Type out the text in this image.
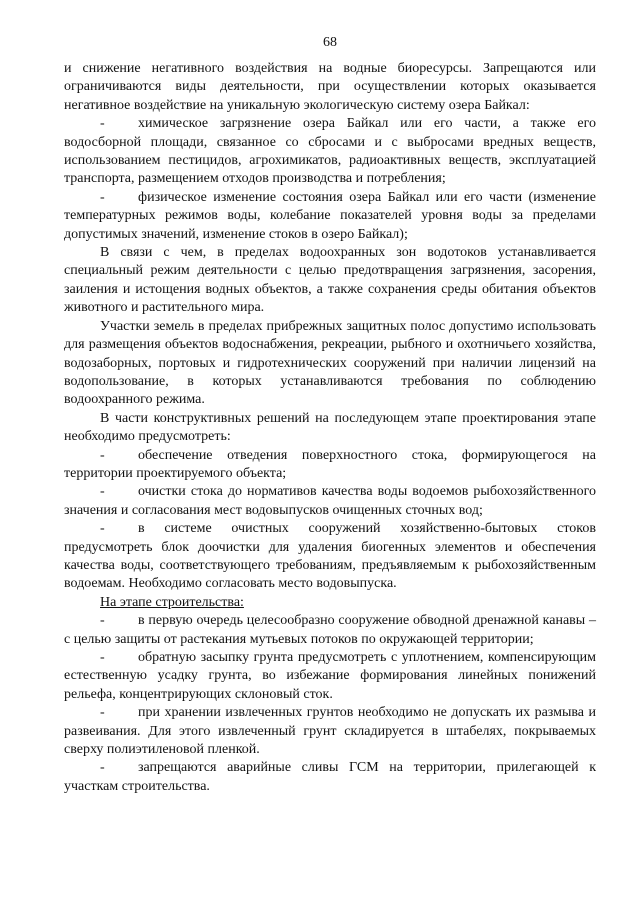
68

и снижение негативного воздействия на водные биоресурсы. Запрещаются или ограничиваются виды деятельности, при осуществлении которых оказывается негативное воздействие на уникальную экологическую систему озера Байкал:

- химическое загрязнение озера Байкал или его части, а также его водосборной площади, связанное со сбросами и с выбросами вредных веществ, использованием пестицидов, агрохимикатов, радиоактивных веществ, эксплуатацией транспорта, размещением отходов производства и потребления;

- физическое изменение состояния озера Байкал или его части (изменение температурных режимов воды, колебание показателей уровня воды за пределами допустимых значений, изменение стоков в озеро Байкал);

В связи с чем, в пределах водоохранных зон водотоков устанавливается специальный режим деятельности с целью предотвращения загрязнения, засорения, заиления и истощения водных объектов, а также сохранения среды обитания объектов животного и растительного мира.

Участки земель в пределах прибрежных защитных полос допустимо использовать для размещения объектов водоснабжения, рекреации, рыбного и охотничьего хозяйства, водозаборных, портовых и гидротехнических сооружений при наличии лицензий на водопользование, в которых устанавливаются требования по соблюдению водоохранного режима.

В части конструктивных решений на последующем этапе проектирования этапе необходимо предусмотреть:

- обеспечение отведения поверхностного стока, формирующегося на территории проектируемого объекта;

- очистки стока до нормативов качества воды водоемов рыбохозяйственного значения и согласования мест водовыпусков очищенных сточных вод;

- в системе очистных сооружений хозяйственно-бытовых стоков предусмотреть блок доочистки для удаления биогенных элементов и обеспечения качества воды, соответствующего требованиям, предъявляемым к рыбохозяйственным водоемам. Необходимо согласовать место водовыпуска.

На этапе строительства:

- в первую очередь целесообразно сооружение обводной дренажной канавы – с целью защиты от растекания мутьевых потоков по окружающей территории;

- обратную засыпку грунта предусмотреть с уплотнением, компенсирующим естественную усадку грунта, во избежание формирования линейных понижений рельефа, концентрирующих склоновый сток.

- при хранении извлеченных грунтов необходимо не допускать их размыва и развеивания. Для этого извлеченный грунт складируется в штабелях, покрываемых сверху полиэтиленовой пленкой.

- запрещаются аварийные сливы ГСМ на территории, прилегающей к участкам строительства.
